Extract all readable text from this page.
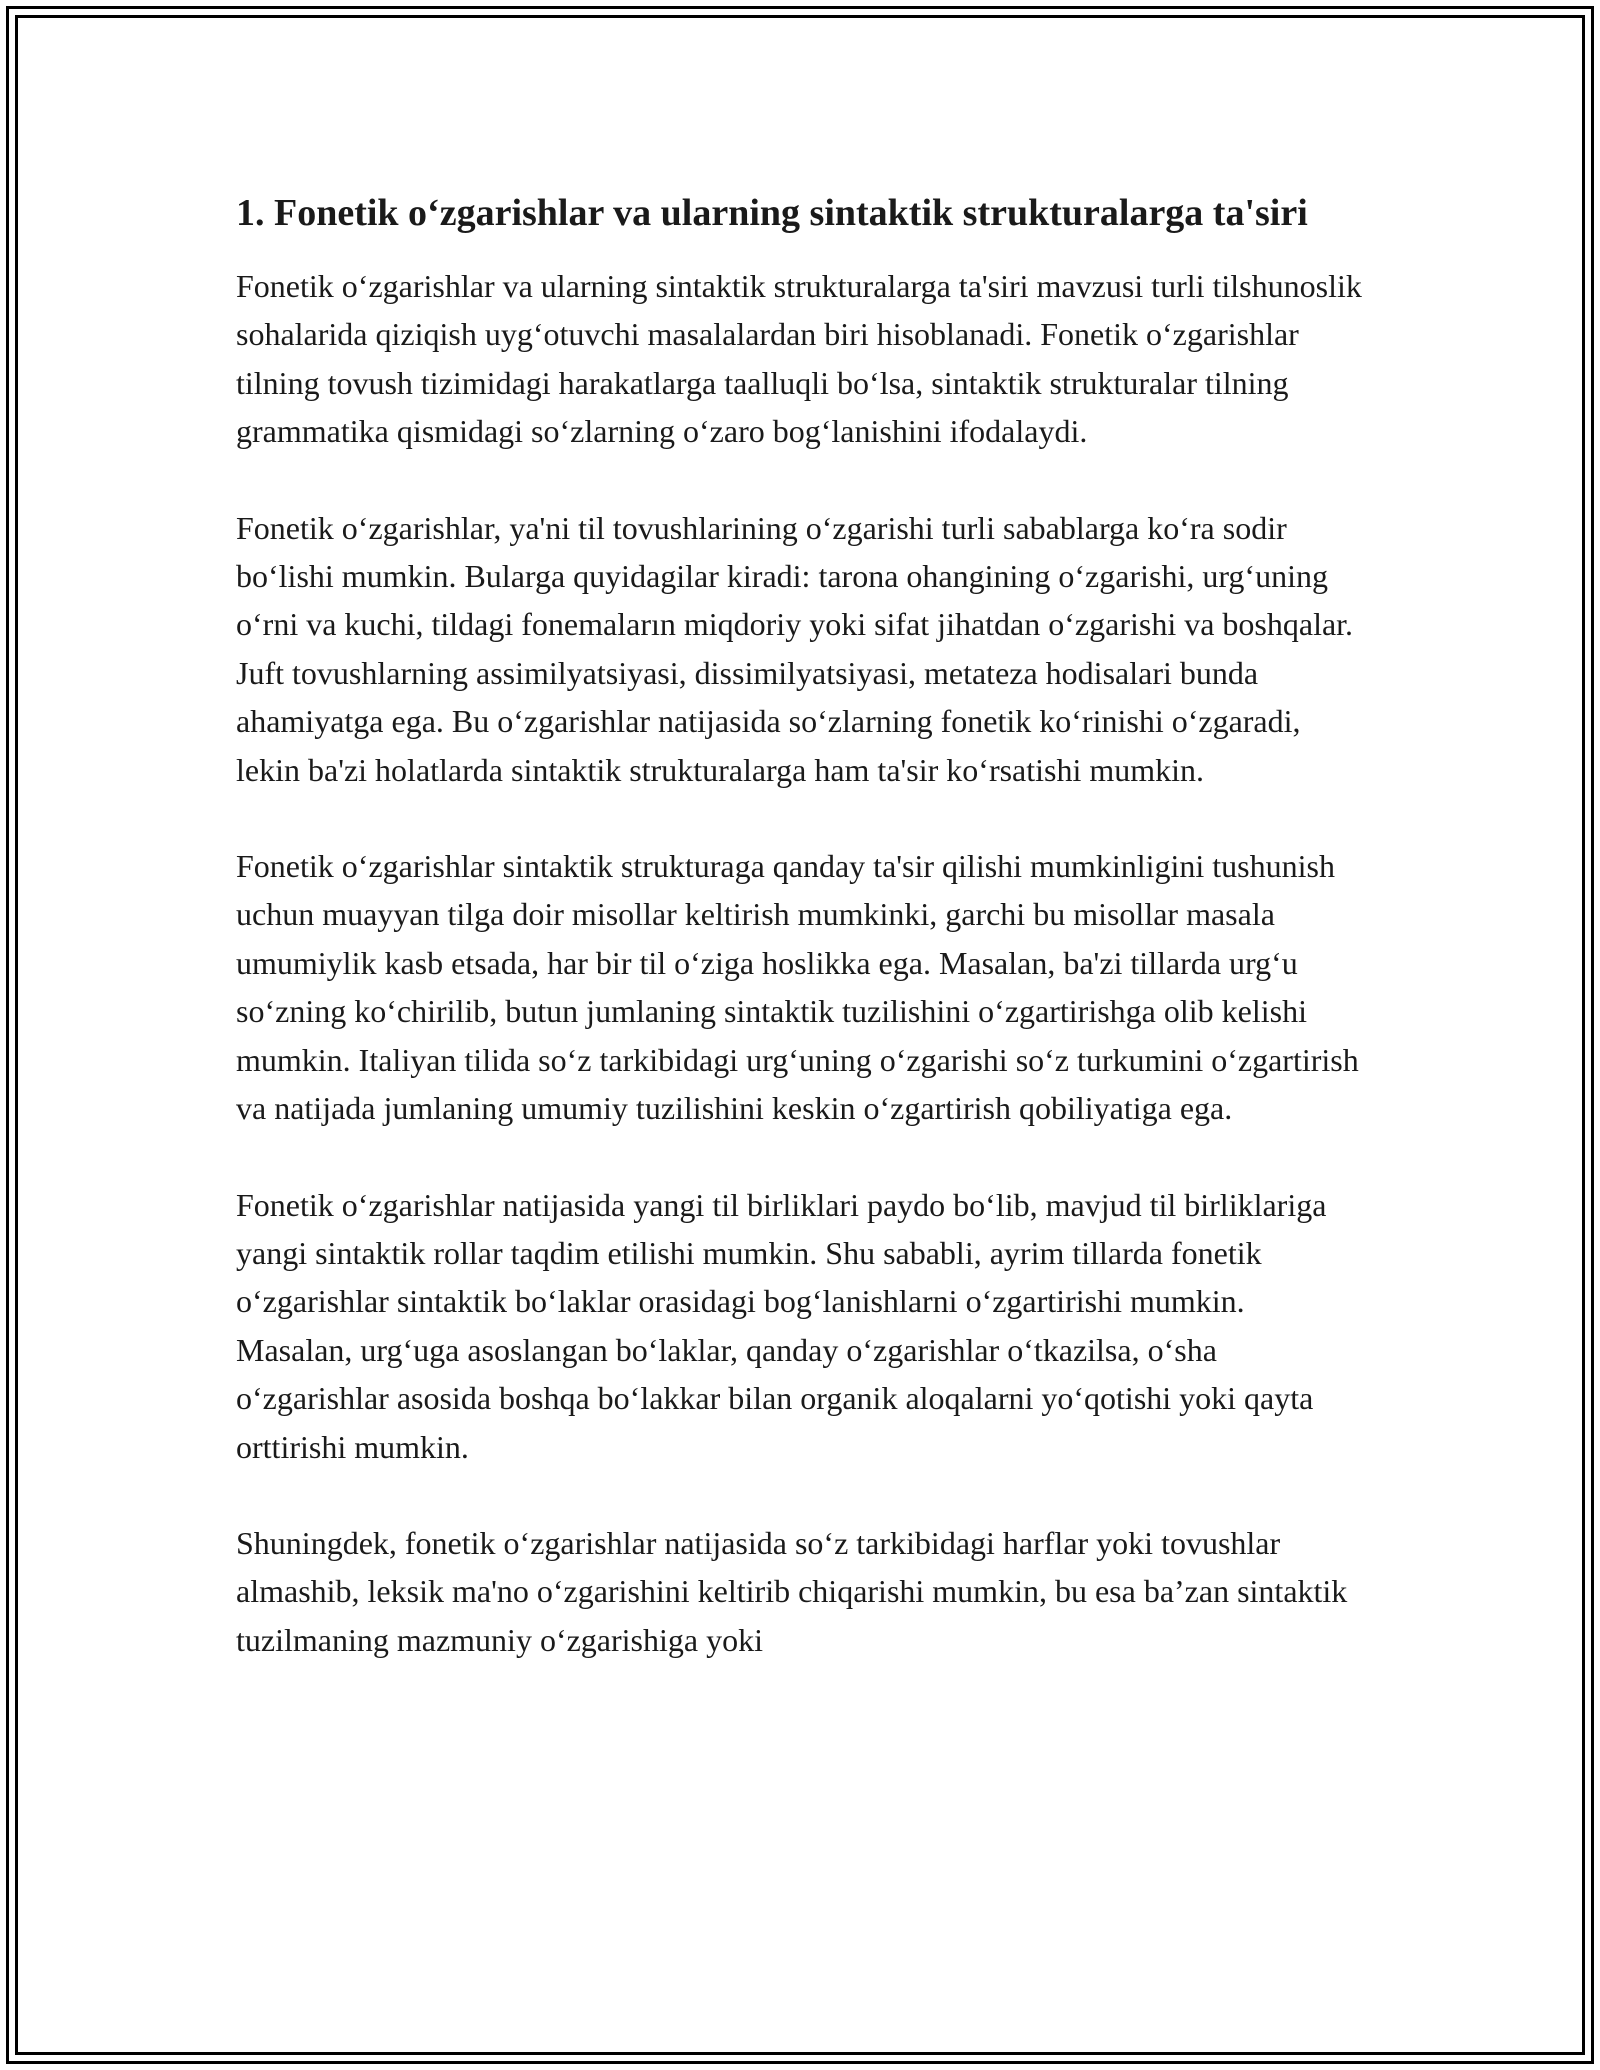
1. Fonetik o‘zgarishlar va ularning sintaktik strukturalarga ta'siri

Fonetik o‘zgarishlar va ularning sintaktik strukturalarga ta'siri mavzusi turli tilshunoslik sohalarida qiziqish uyg‘otuvchi masalalardan biri hisoblanadi. Fonetik o‘zgarishlar tilning tovush tizimidagi harakatlarga taalluqli bo‘lsa, sintaktik strukturalar tilning grammatika qismidagi so‘zlarning o‘zaro bog‘lanishini ifodalaydi.

Fonetik o‘zgarishlar, ya'ni til tovushlarining o‘zgarishi turli sabablarga ko‘ra sodir bo‘lishi mumkin. Bularga quyidagilar kiradi: tarona ohangining o‘zgarishi, urg‘uning o‘rni va kuchi, tildagi fonemaların miqdoriy yoki sifat jihatdan o‘zgarishi va boshqalar. Juft tovushlarning assimilyatsiyasi, dissimilyatsiyasi, metateza hodisalari bunda ahamiyatga ega. Bu o‘zgarishlar natijasida so‘zlarning fonetik ko‘rinishi o‘zgaradi, lekin ba'zi holatlarda sintaktik strukturalarga ham ta'sir ko‘rsatishi mumkin.

Fonetik o‘zgarishlar sintaktik strukturaga qanday ta'sir qilishi mumkinligini tushunish uchun muayyan tilga doir misollar keltirish mumkinki, garchi bu misollar masala umumiylik kasb etsada, har bir til o‘ziga hoslikka ega. Masalan, ba'zi tillarda urg‘u so‘zning ko‘chirilib, butun jumlaning sintaktik tuzilishini o‘zgartirishga olib kelishi mumkin. Italiyan tilida so‘z tarkibidagi urg‘uning o‘zgarishi so‘z turkumini o‘zgartirish va natijada jumlaning umumiy tuzilishini keskin o‘zgartirish qobiliyatiga ega.

Fonetik o‘zgarishlar natijasida yangi til birliklari paydo bo‘lib, mavjud til birliklariga yangi sintaktik rollar taqdim etilishi mumkin. Shu sababli, ayrim tillarda fonetik o‘zgarishlar sintaktik bo‘laklar orasidagi bog‘lanishlarni o‘zgartirishi mumkin. Masalan, urg‘uga asoslangan bo‘laklar, qanday o‘zgarishlar o‘tkazilsa, o‘sha o‘zgarishlar asosida boshqa bo‘lakkar bilan organik aloqalarni yo‘qotishi yoki qayta orttirishi mumkin.

Shuningdek, fonetik o‘zgarishlar natijasida so‘z tarkibidagi harflar yoki tovushlar almashib, leksik ma'no o‘zgarishini keltirib chiqarishi mumkin, bu esa ba’zan sintaktik tuzilmaning mazmuniy o‘zgarishiga yoki
